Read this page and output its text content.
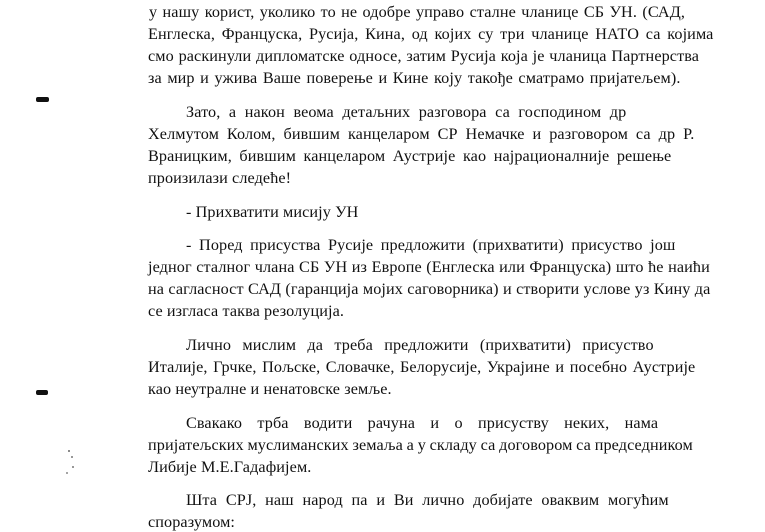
у нашу корист, уколико то не одобре управо сталне чланице СБ УН. (САД,
Енглеска, Француска, Русија, Кина, од којих су три чланице НАТО са којима
смо раскинули дипломатске односе, затим Русија која је чланица Партнерства
за мир и ужива Ваше поверење и Кине коју такође сматрамо пријатељем).
Зато, а након веома детаљних разговора са господином др
Хелмутом Колом, бившим канцеларом СР Немачке и разговором са др Р.
Враницким, бившим канцеларом Аустрије као најрационалније решење
произилази следеће!
- Прихватити мисију УН
- Поред присуства Русије предложити (прихватити) присуство још
једног сталног члана СБ УН из Европе (Енглеска или Француска) што ће наићи
на сагласност САД (гаранција мојих саговорника) и створити услове уз Кину да
се изгласа таква резолуција.
Лично мислим да треба предложити (прихватити) присуство
Италије, Грчке, Пољске, Словачке, Белорусије, Украјине и посебно Аустрије
као неутралне и ненатовске земље.
Свакако трба водити рачуна и о присуству неких, нама
пријатељских муслиманских земаља а у складу са договором са председником
Либије М.Е.Гадафијем.
Шта СРЈ, наш народ па и Ви лично добијате оваквим могућим
споразумом:
